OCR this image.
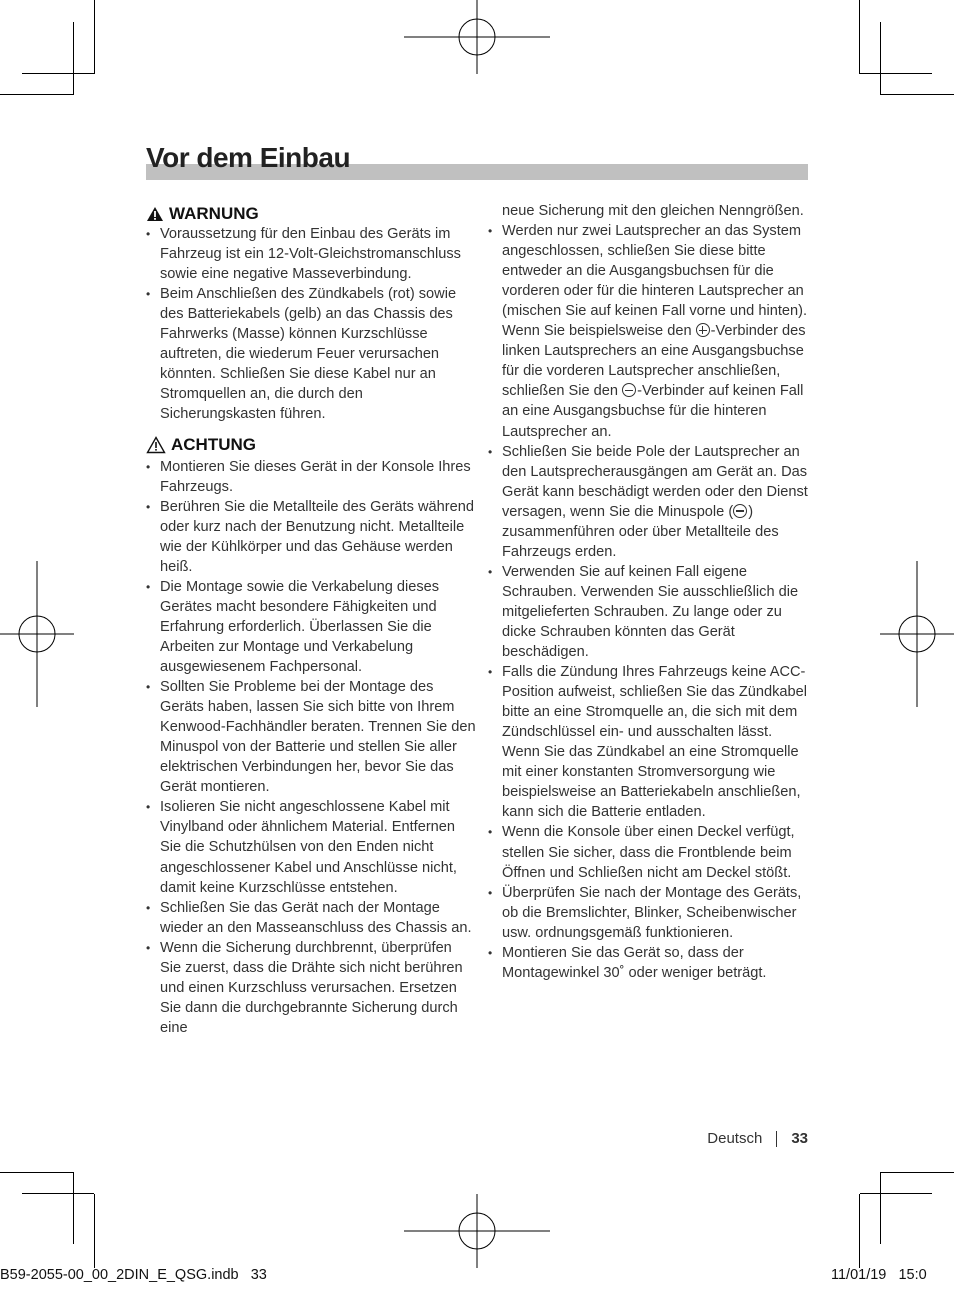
Vor dem Einbau
WARNUNG
• Voraussetzung für den Einbau des Geräts im Fahrzeug ist ein 12-Volt-Gleichstromanschluss sowie eine negative Masseverbindung.
• Beim Anschließen des Zündkabels (rot) sowie des Batteriekabels (gelb) an das Chassis des Fahrwerks (Masse) können Kurzschlüsse auftreten, die wiederum Feuer verursachen könnten. Schließen Sie diese Kabel nur an Stromquellen an, die durch den Sicherungskasten führen.
ACHTUNG
• Montieren Sie dieses Gerät in der Konsole Ihres Fahrzeugs.
• Berühren Sie die Metallteile des Geräts während oder kurz nach der Benutzung nicht. Metallteile wie der Kühlkörper und das Gehäuse werden heiß.
• Die Montage sowie die Verkabelung dieses Gerätes macht besondere Fähigkeiten und Erfahrung erforderlich. Überlassen Sie die Arbeiten zur Montage und Verkabelung ausgewiesenem Fachpersonal.
• Sollten Sie Probleme bei der Montage des Geräts haben, lassen Sie sich bitte von Ihrem Kenwood-Fachhändler beraten. Trennen Sie den Minuspol von der Batterie und stellen Sie aller elektrischen Verbindungen her, bevor Sie das Gerät montieren.
• Isolieren Sie nicht angeschlossene Kabel mit Vinylband oder ähnlichem Material. Entfernen Sie die Schutzhülsen von den Enden nicht angeschlossener Kabel und Anschlüsse nicht, damit keine Kurzschlüsse entstehen.
• Schließen Sie das Gerät nach der Montage wieder an den Masseanschluss des Chassis an.
• Wenn die Sicherung durchbrennt, überprüfen Sie zuerst, dass die Drähte sich nicht berühren und einen Kurzschluss verursachen. Ersetzen Sie dann die durchgebrannte Sicherung durch eine
neue Sicherung mit den gleichen Nenngrößen.
• Werden nur zwei Lautsprecher an das System angeschlossen, schließen Sie diese bitte entweder an die Ausgangsbuchsen für die vorderen oder für die hinteren Lautsprecher an (mischen Sie auf keinen Fall vorne und hinten). Wenn Sie beispielsweise den -Verbinder des linken Lautsprechers an eine Ausgangsbuchse für die vorderen Lautsprecher anschließen, schließen Sie den -Verbinder auf keinen Fall an eine Ausgangsbuchse für die hinteren Lautsprecher an.
• Schließen Sie beide Pole der Lautsprecher an den Lautsprecherausgängen am Gerät an. Das Gerät kann beschädigt werden oder den Dienst versagen, wenn Sie die Minuspole ( ) zusammenführen oder über Metallteile des Fahrzeugs erden.
• Verwenden Sie auf keinen Fall eigene Schrauben. Verwenden Sie ausschließlich die mitgelieferten Schrauben. Zu lange oder zu dicke Schrauben könnten das Gerät beschädigen.
• Falls die Zündung Ihres Fahrzeugs keine ACC-Position aufweist, schließen Sie das Zündkabel bitte an eine Stromquelle an, die sich mit dem Zündschlüssel ein- und ausschalten lässt. Wenn Sie das Zündkabel an eine Stromquelle mit einer konstanten Stromversorgung wie beispielsweise an Batteriekabeln anschließen, kann sich die Batterie entladen.
• Wenn die Konsole über einen Deckel verfügt, stellen Sie sicher, dass die Frontblende beim Öffnen und Schließen nicht am Deckel stößt.
• Überprüfen Sie nach der Montage des Geräts, ob die Bremslichter, Blinker, Scheibenwischer usw. ordnungsgemäß funktionieren.
• Montieren Sie das Gerät so, dass der Montagewinkel 30˚ oder weniger beträgt.
Deutsch 33
B59-2055-00_00_2DIN_E_QSG.indb   33	11/01/19   15:0
